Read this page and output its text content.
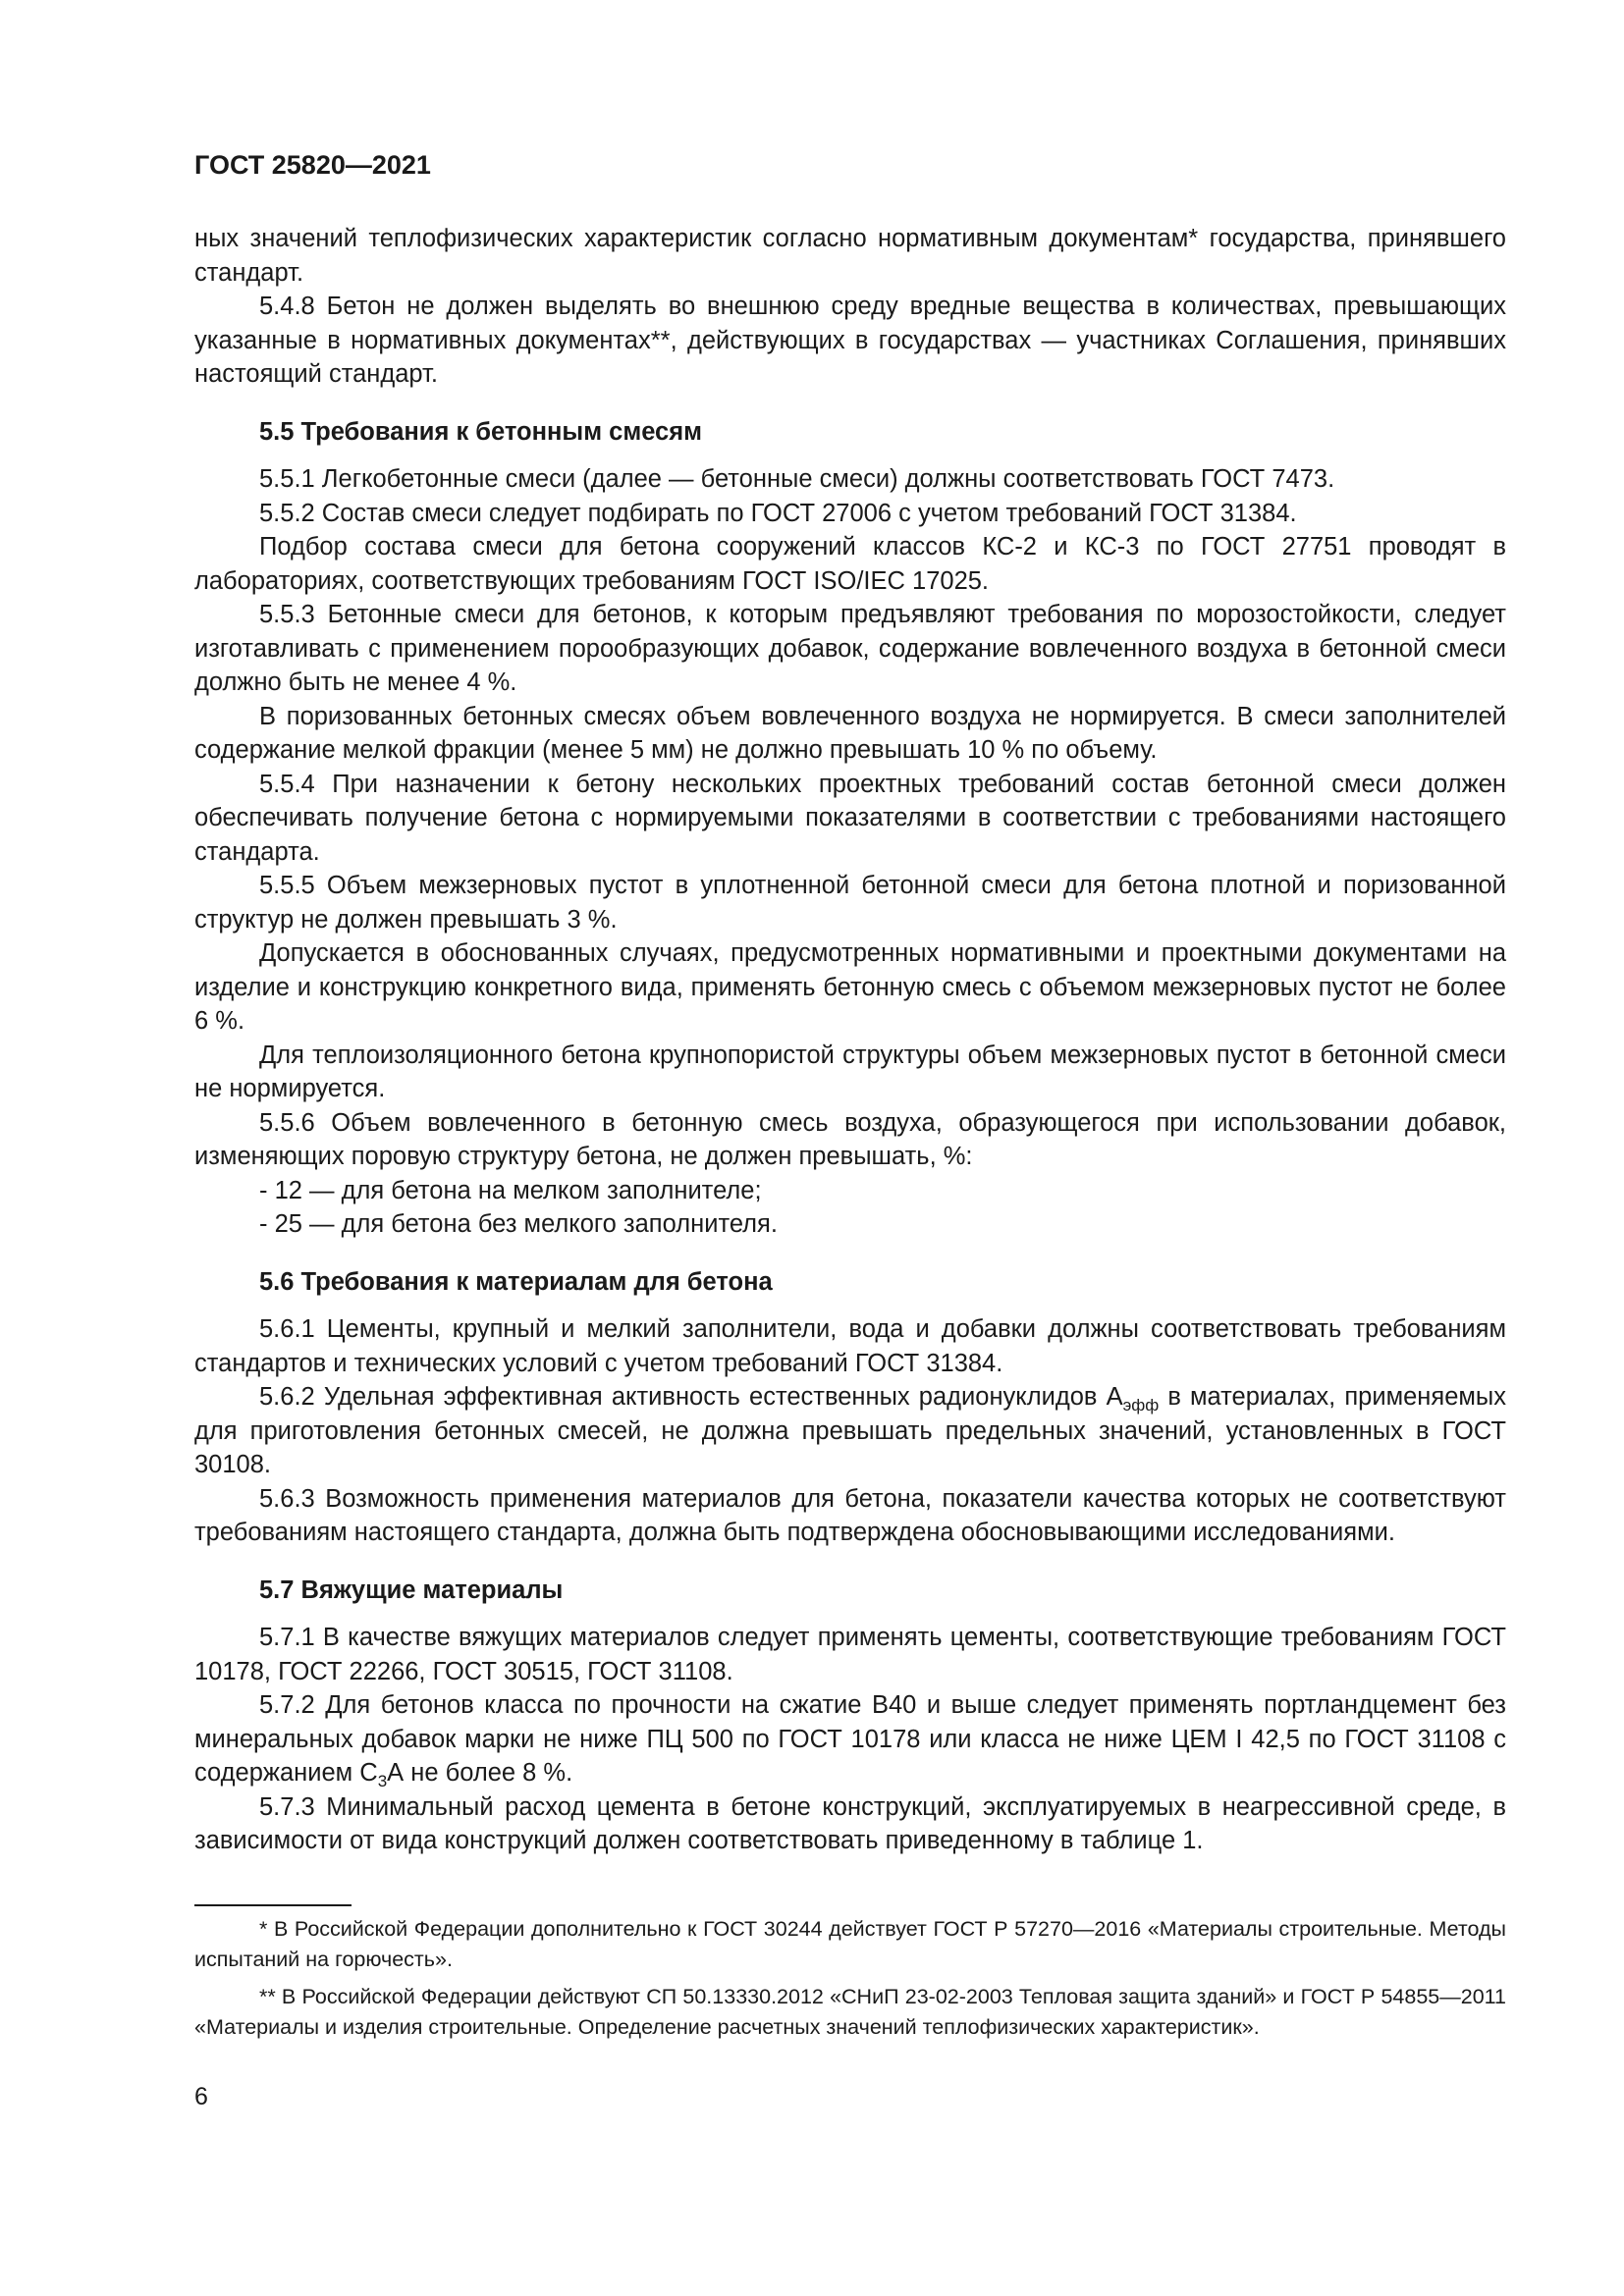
ГОСТ 25820—2021

ных значений теплофизических характеристик согласно нормативным документам* государства, принявшего стандарт.

5.4.8 Бетон не должен выделять во внешнюю среду вредные вещества в количествах, превышающих указанные в нормативных документах**, действующих в государствах — участниках Соглашения, принявших настоящий стандарт.

5.5 Требования к бетонным смесям

5.5.1 Легкобетонные смеси (далее — бетонные смеси) должны соответствовать ГОСТ 7473.

5.5.2 Состав смеси следует подбирать по ГОСТ 27006 с учетом требований ГОСТ 31384.

Подбор состава смеси для бетона сооружений классов КС-2 и КС-3 по ГОСТ 27751 проводят в лабораториях, соответствующих требованиям ГОСТ ISO/IEC 17025.

5.5.3 Бетонные смеси для бетонов, к которым предъявляют требования по морозостойкости, следует изготавливать с применением порообразующих добавок, содержание вовлеченного воздуха в бетонной смеси должно быть не менее 4 %.

В поризованных бетонных смесях объем вовлеченного воздуха не нормируется. В смеси заполнителей содержание мелкой фракции (менее 5 мм) не должно превышать 10 % по объему.

5.5.4 При назначении к бетону нескольких проектных требований состав бетонной смеси должен обеспечивать получение бетона с нормируемыми показателями в соответствии с требованиями настоящего стандарта.

5.5.5 Объем межзерновых пустот в уплотненной бетонной смеси для бетона плотной и поризованной структур не должен превышать 3 %.

Допускается в обоснованных случаях, предусмотренных нормативными и проектными документами на изделие и конструкцию конкретного вида, применять бетонную смесь с объемом межзерновых пустот не более 6 %.

Для теплоизоляционного бетона крупнопористой структуры объем межзерновых пустот в бетонной смеси не нормируется.

5.5.6 Объем вовлеченного в бетонную смесь воздуха, образующегося при использовании добавок, изменяющих поровую структуру бетона, не должен превышать, %:

- 12 — для бетона на мелком заполнителе;

- 25 — для бетона без мелкого заполнителя.

5.6 Требования к материалам для бетона

5.6.1 Цементы, крупный и мелкий заполнители, вода и добавки должны соответствовать требованиям стандартов и технических условий с учетом требований ГОСТ 31384.

5.6.2 Удельная эффективная активность естественных радионуклидов $А_{эфф}$ в материалах, применяемых для приготовления бетонных смесей, не должна превышать предельных значений, установленных в ГОСТ 30108.

5.6.3 Возможность применения материалов для бетона, показатели качества которых не соответствуют требованиям настоящего стандарта, должна быть подтверждена обосновывающими исследованиями.

5.7 Вяжущие материалы

5.7.1 В качестве вяжущих материалов следует применять цементы, соответствующие требованиям ГОСТ 10178, ГОСТ 22266, ГОСТ 30515, ГОСТ 31108.

5.7.2 Для бетонов класса по прочности на сжатие В40 и выше следует применять портландцемент без минеральных добавок марки не ниже ПЦ 500 по ГОСТ 10178 или класса не ниже ЦЕМ I 42,5 по ГОСТ 31108 с содержанием $С_3А$ не более 8 %.

5.7.3 Минимальный расход цемента в бетоне конструкций, эксплуатируемых в неагрессивной среде, в зависимости от вида конструкций должен соответствовать приведенному в таблице 1.

* В Российской Федерации дополнительно к ГОСТ 30244 действует ГОСТ Р 57270—2016 «Материалы строительные. Методы испытаний на горючесть».

** В Российской Федерации действуют СП 50.13330.2012 «СНиП 23-02-2003 Тепловая защита зданий» и ГОСТ Р 54855—2011 «Материалы и изделия строительные. Определение расчетных значений теплофизических характеристик».

6
